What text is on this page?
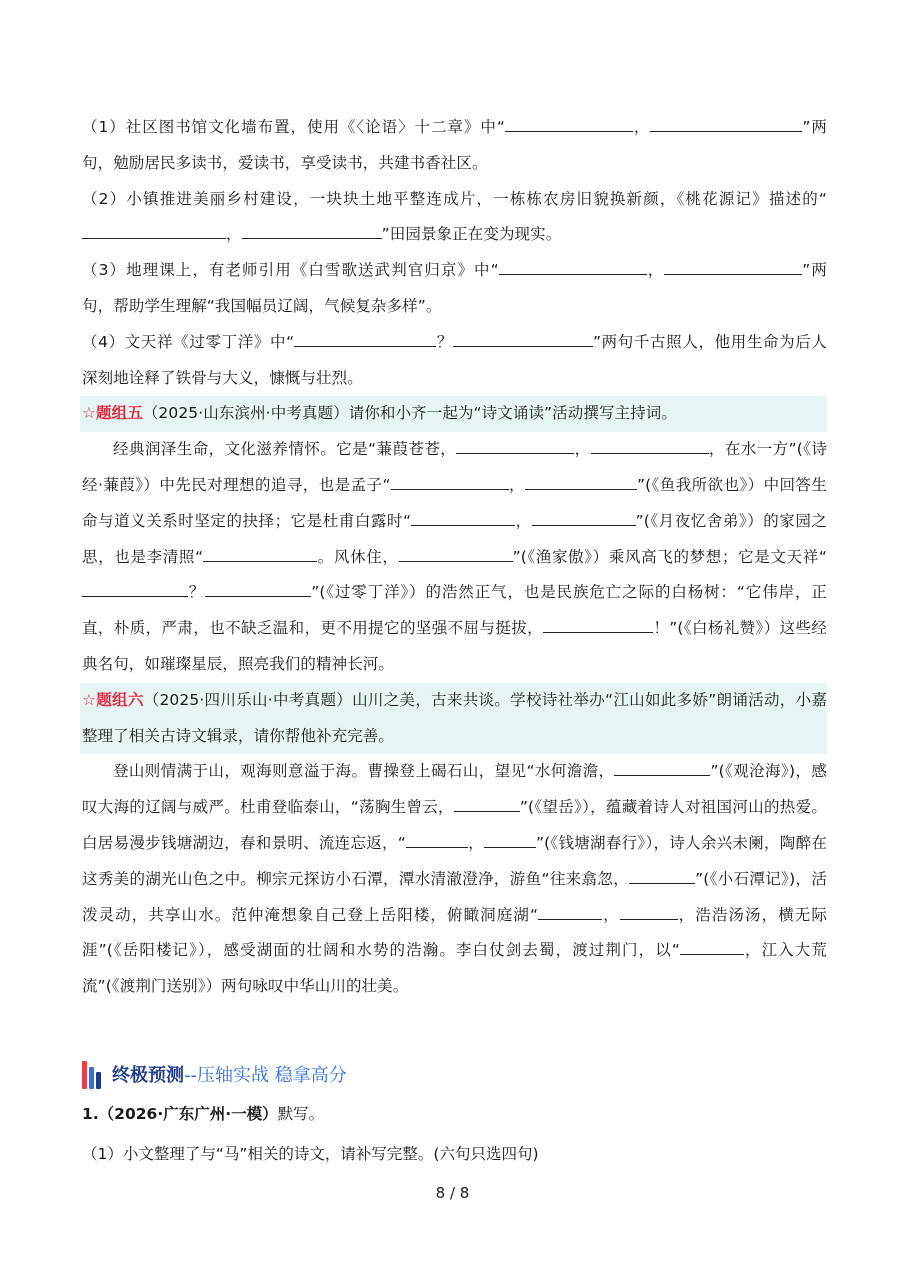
（1）社区图书馆文化墙布置，使用《〈论语〉十二章》中“	，	”两句，勉励居民多读书，爱读书，享受读书，共建书香社区。

（2）小镇推进美丽乡村建设，一块块土地平整连成片，一栋栋农房旧貌换新颜，《桃花源记》描述的“，	”田园景象正在变为现实。

（3）地理课上，有老师引用《白雪歌送武判官归京》中“	，	”两句，帮助学生理解“我国幅员辽阔，气候复杂多样”。

（4）文天祥《过零丁洋》中“	？	”两句千古照人，他用生命为后人深刻地诠释了铁骨与大义，慷慨与壮烈。

☆题组五（2025·山东滨州·中考真题）请你和小齐一起为“诗文诵读”活动撰写主持词。

经典润泽生命，文化滋养情怀。它是“蒹葭苍苍，	，	，在水一方”(《诗经·蒹葭》）中先民对理想的追寻，也是孟子“	，	”(《鱼我所欲也》）中回答生命与道义关系时坚定的抉择；它是杜甫白露时“	，	”(《月夜忆舍弟》）的家园之思，也是李清照“	。风休住，	”(《渔家傲》）乘风高飞的梦想；它是文天祥“？	”(《过零丁洋》）的浩然正气，也是民族危亡之际的白杨树：“它伟岸，正直，朴质，严肃，也不缺乏温和，更不用提它的坚强不屈与挺拔，	！”(《白杨礼赞》）这些经典名句，如璀璨星辰，照亮我们的精神长河。

☆题组六（2025·四川乐山·中考真题）山川之美，古来共谈。学校诗社举办“江山如此多娇”朗诵活动，小嘉整理了相关古诗文辑录，请你帮他补充完善。

登山则情满于山，观海则意溢于海。曹操登上碣石山，望见“水何澹澹，	”(《观沧海》)，感叹大海的辽阔与威严。杜甫登临泰山，“荡胸生曾云，	”(《望岳》），蕴藏着诗人对祖国河山的热爱。白居易漫步钱塘湖边，春和景明、流连忘返，“	，	”(《钱塘湖春行》），诗人余兴未阑，陶醉在这秀美的湖光山色之中。柳宗元探访小石潭，潭水清澈澄净，游鱼“往来翕忽，	”(《小石潭记》)，活泼灵动，共享山水。范仲淹想象自己登上岳阳楼，俯瞰洞庭湖“	，	，浩浩汤汤，横无际涯”(《岳阳楼记》），感受湖面的壮阔和水势的浩瀚。李白仗剑去蜀，渡过荆门，以“	，江入大荒流”(《渡荆门送别》）两句咏叹中华山川的壮美。

终极预测--压轴实战 稳拿高分

1.（2026·广东广州·一模）默写。

（1）小文整理了与“马”相关的诗文，请补写完整。(六句只选四句)

8 / 8
